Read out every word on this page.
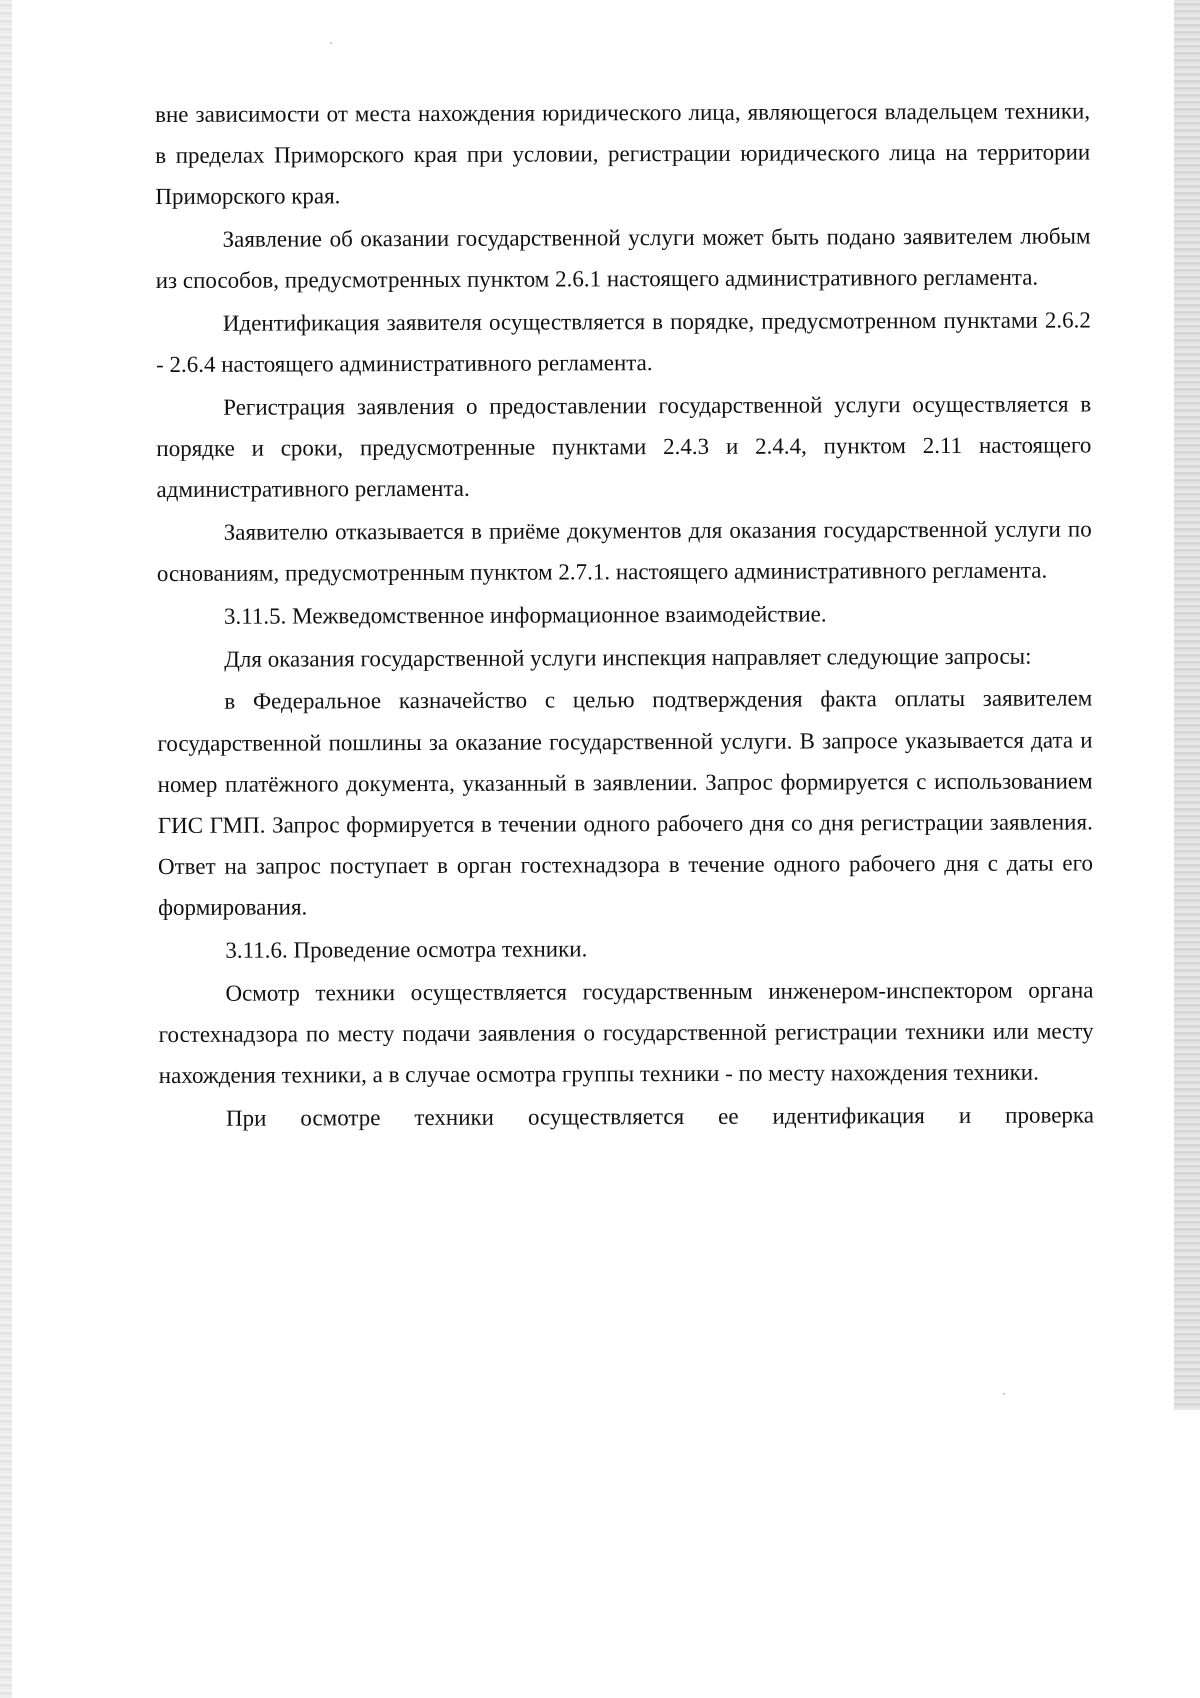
вне зависимости от места нахождения юридического лица, являющегося владельцем техники, в пределах Приморского края при условии, регистрации юридического лица на территории Приморского края.

Заявление об оказании государственной услуги может быть подано заявителем любым из способов, предусмотренных пунктом 2.6.1 настоящего административного регламента.

Идентификация заявителя осуществляется в порядке, предусмотренном пунктами 2.6.2 - 2.6.4 настоящего административного регламента.

Регистрация заявления о предоставлении государственной услуги осуществляется в порядке и сроки, предусмотренные пунктами 2.4.3 и 2.4.4, пунктом 2.11 настоящего административного регламента.

Заявителю отказывается в приёме документов для оказания государственной услуги по основаниям, предусмотренным пунктом 2.7.1. настоящего административного регламента.

3.11.5. Межведомственное информационное взаимодействие.

Для оказания государственной услуги инспекция направляет следующие запросы:

в Федеральное казначейство с целью подтверждения факта оплаты заявителем государственной пошлины за оказание государственной услуги. В запросе указывается дата и номер платёжного документа, указанный в заявлении. Запрос формируется с использованием ГИС ГМП. Запрос формируется в течении одного рабочего дня со дня регистрации заявления. Ответ на запрос поступает в орган гостехнадзора в течение одного рабочего дня с даты его формирования.

3.11.6. Проведение осмотра техники.

Осмотр техники осуществляется государственным инженером-инспектором органа гостехнадзора по месту подачи заявления о государственной регистрации техники или месту нахождения техники, а в случае осмотра группы техники - по месту нахождения техники.

При осмотре техники осуществляется ее идентификация и проверка
